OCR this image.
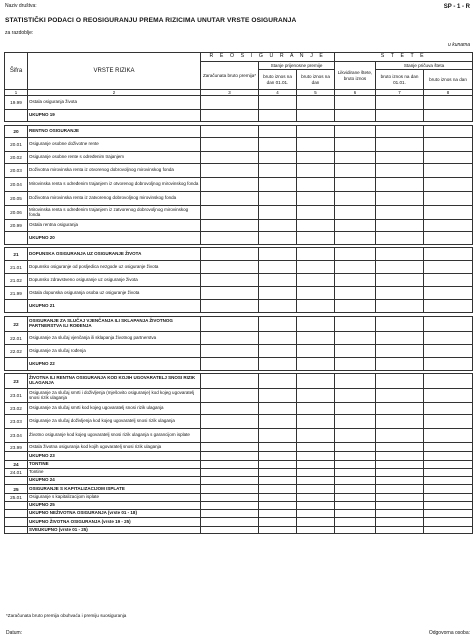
Naziv društva:	SP - 1 - R
STATISTIČKI PODACI O REOSIGURANJU PREMA RIZICIMA UNUTAR VRSTE OSIGURANJA
za razdoblje:
u kunama
Šifra	VRSTE RIZIKA	R E O S I G U R A N J E			Š T E T E		
		Zaračunata bruto premija*	Stanje prijenosne premije		Likvidirane štete, bruto iznos	Stanje pričuva šteta	
			bruto iznos na dan 01.01.	bruto iznos na dan		bruto iznos na dan 01.01.	bruto iznos na dan
1	2	3	4	5	6	7	8
19.99	Ostala osiguranja života						
	UKUPNO 19						

20	RENTNO OSIGURANJE						
20.01	Osiguranje osobne doživotne rente						
20.02	Osiguranje osobne rente s određenim trajanjem						
20.03	Doživotna mirovinska renta iz otvorenog dobrovoljnog mirovinskog fonda						
20.04	Mirovinska renta s određenim trajanjem iz otvorenog dobrovoljnog mirovinskog fonda						
20.05	Doživotna mirovinska renta iz zatvorenog dobrovoljnog mirovinskog fonda						
20.06	Mirovinska renta s određenim trajanjem iz zatvorenog dobrovoljnog mirovinskog fonda						
20.99	Ostala rentna osiguranja						
	UKUPNO 20						

21	DOPUNSKA OSIGURANJA UZ OSIGURANJE ŽIVOTA						
21.01	Dopunsko osiguranje od posljedica nezgode uz osiguranje života						
21.02	Dopunsko zdravstveno osiguranje uz osiguranje života						
21.99	Ostala dopunska osiguranja osoba uz osiguranje života						
	UKUPNO 21						

22	OSIGURANJE ZA SLUČAJ VJENČANJA ILI SKLAPANJA ŽIVOTNOG PARTNERSTVA ILI ROĐENJA						
22.01	Osiguranje za slučaj vjenčanja ili sklapanja životnog partnerstva						
22.02	Osiguranje za slučaj rođenja						
	UKUPNO 22						

23	ŽIVOTNA ILI RENTNA OSIGURANJA KOD KOJIH UGOVARATELJ SNOSI RIZIK ULAGANJA						
23.01	Osiguranje za slučaj smrti i doživljenja (mješovito osiguranje) kod kojeg ugovaratelj snosi rizik ulaganja						
23.02	Osiguranje za slučaj smrti kod kojeg ugovaratelj snosi rizik ulaganja						
23.03	Osiguranje za slučaj doživljenja kod kojeg ugovaratelj snosi rizik ulaganja						
23.04	Životno osiguranje kod kojeg ugovaratelj snosi rizik ulaganja s garancijom isplate						
23.99	Ostala životna osiguranja kod kojih ugovaratelj snosi rizik ulaganja						
	UKUPNO 23						
24	TONTINE						
24.01	Tontine						
	UKUPNO 24						
25	OSIGURANJE S KAPITALIZACIJOM ISPLATE						
25.01	Osiguranje s kapitalizacijom isplate						
	UKUPNO 25						
	UKUPNO NEŽIVOTNA OSIGURANJA (vrste 01 - 18)						
	UKUPNO ŽIVOTNA OSIGURANJA (vrste 19 - 25)						
	SVEUKUPNO (vrste 01 - 25)						
*Zaračunata bruto premija obuhvaća i premiju suosiguranja
Datum:	Odgovorna osoba:
